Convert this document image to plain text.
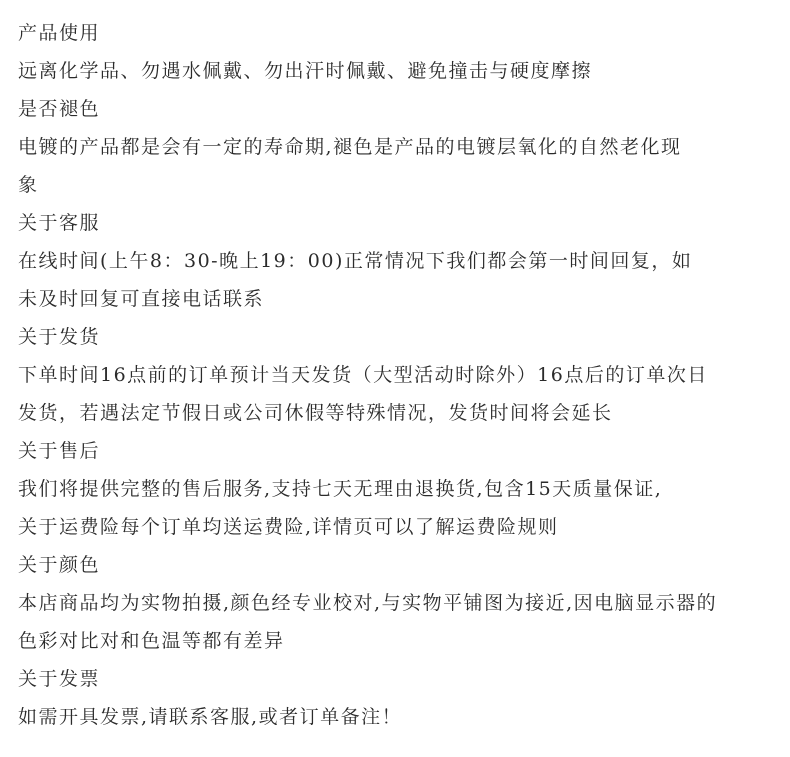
产品使用
远离化学品、勿遇水佩戴、勿出汗时佩戴、避免撞击与硬度摩擦
是否褪色
电镀的产品都是会有一定的寿命期,褪色是产品的电镀层氧化的自然老化现
象
关于客服
在线时间(上午8：30-晚上19：00)正常情况下我们都会第一时间回复，如
未及时回复可直接电话联系
关于发货
下单时间16点前的订单预计当天发货（大型活动时除外）16点后的订单次日
发货，若遇法定节假日或公司休假等特殊情况，发货时间将会延长
关于售后
我们将提供完整的售后服务,支持七天无理由退换货,包含15天质量保证,
关于运费险每个订单均送运费险,详情页可以了解运费险规则
关于颜色
本店商品均为实物拍摄,颜色经专业校对,与实物平铺图为接近,因电脑显示器的
色彩对比对和色温等都有差异
关于发票
如需开具发票,请联系客服,或者订单备注！
